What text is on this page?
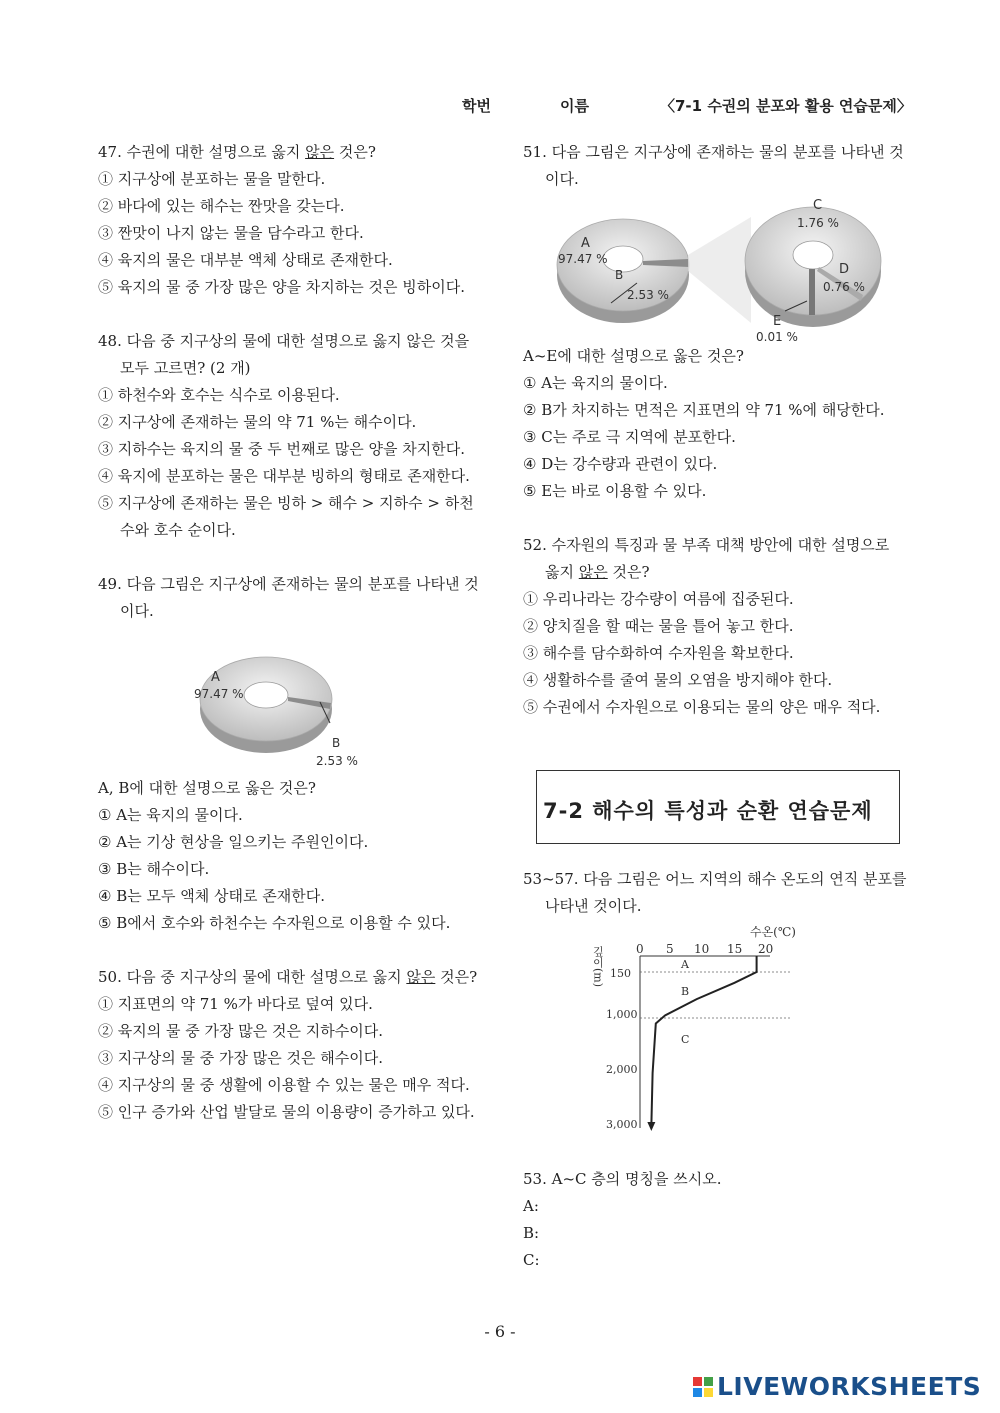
학번	이름	〈7-1 수권의 분포와 활용 연습문제〉
47. 수권에 대한 설명으로 옳지 않은 것은?
① 지구상에 분포하는 물을 말한다.
② 바다에 있는 해수는 짠맛을 갖는다.
③ 짠맛이 나지 않는 물을 담수라고 한다.
④ 육지의 물은 대부분 액체 상태로 존재한다.
⑤ 육지의 물 중 가장 많은 양을 차지하는 것은 빙하이다.
48. 다음 중 지구상의 물에 대한 설명으로 옳지 않은 것을 모두 고르면? (2 개)
① 하천수와 호수는 식수로 이용된다.
② 지구상에 존재하는 물의 약 71 %는 해수이다.
③ 지하수는 육지의 물 중 두 번째로 많은 양을 차지한다.
④ 육지에 분포하는 물은 대부분 빙하의 형태로 존재한다.
⑤ 지구상에 존재하는 물은 빙하 > 해수 > 지하수 > 하천수와 호수 순이다.
49. 다음 그림은 지구상에 존재하는 물의 분포를 나타낸 것이다.
A
97.47 %
B
2.53 %
A, B에 대한 설명으로 옳은 것은?
① A는 육지의 물이다.
② A는 기상 현상을 일으키는 주원인이다.
③ B는 해수이다.
④ B는 모두 액체 상태로 존재한다.
⑤ B에서 호수와 하천수는 수자원으로 이용할 수 있다.
50. 다음 중 지구상의 물에 대한 설명으로 옳지 않은 것은?
① 지표면의 약 71 %가 바다로 덮여 있다.
② 육지의 물 중 가장 많은 것은 지하수이다.
③ 지구상의 물 중 가장 많은 것은 해수이다.
④ 지구상의 물 중 생활에 이용할 수 있는 물은 매우 적다.
⑤ 인구 증가와 산업 발달로 물의 이용량이 증가하고 있다.
51. 다음 그림은 지구상에 존재하는 물의 분포를 나타낸 것이다.
A
97.47 %
B
2.53 %
C
1.76 %
D
0.76 %
E
0.01 %
A~E에 대한 설명으로 옳은 것은?
① A는 육지의 물이다.
② B가 차지하는 면적은 지표면의 약 71 %에 해당한다.
③ C는 주로 극 지역에 분포한다.
④ D는 강수량과 관련이 있다.
⑤ E는 바로 이용할 수 있다.
52. 수자원의 특징과 물 부족 대책 방안에 대한 설명으로 옳지 않은 것은?
① 우리나라는 강수량이 여름에 집중된다.
② 양치질을 할 때는 물을 틀어 놓고 한다.
③ 해수를 담수화하여 수자원을 확보한다.
④ 생활하수를 줄여 물의 오염을 방지해야 한다.
⑤ 수권에서 수자원으로 이용되는 물의 양은 매우 적다.
7-2 해수의 특성과 순환 연습문제
53~57. 다음 그림은 어느 지역의 해수 온도의 연직 분포를 나타낸 것이다.
수온(℃)
0 5 10 15 20
깊이(m) 150
1,000
2,000
3,000
A
B
C
53. A~C 층의 명칭을 쓰시오.
A:
B:
C:
- 6 -
LIVEWORKSHEETS
